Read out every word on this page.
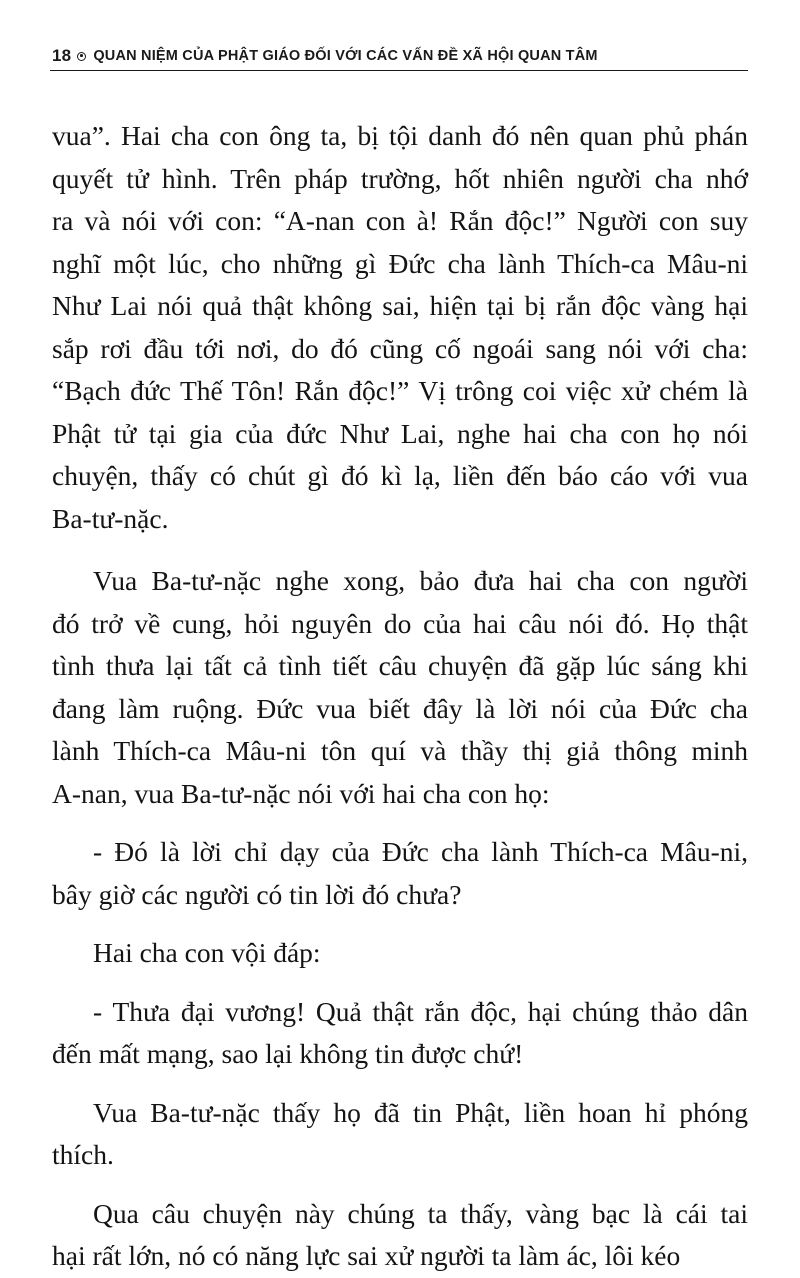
18 QUAN NIỆM CỦA PHẬT GIÁO ĐỐI VỚI CÁC VẤN ĐỀ XÃ HỘI QUAN TÂM
vua”. Hai cha con ông ta, bị tội danh đó nên quan phủ phán
quyết tử hình. Trên pháp trường, hốt nhiên người cha nhớ
ra và nói với con: “A-nan con à! Rắn độc!” Người con suy
nghĩ một lúc, cho những gì Đức cha lành Thích-ca Mâu-ni
Như Lai nói quả thật không sai, hiện tại bị rắn độc vàng hại
sắp rơi đầu tới nơi, do đó cũng cố ngoái sang nói với cha:
“Bạch đức Thế Tôn! Rắn độc!” Vị trông coi việc xử chém là
Phật tử tại gia của đức Như Lai, nghe hai cha con họ nói
chuyện, thấy có chút gì đó kì lạ, liền đến báo cáo với vua
Ba-tư-nặc.
Vua Ba-tư-nặc nghe xong, bảo đưa hai cha con người
đó trở về cung, hỏi nguyên do của hai câu nói đó. Họ thật
tình thưa lại tất cả tình tiết câu chuyện đã gặp lúc sáng khi
đang làm ruộng. Đức vua biết đây là lời nói của Đức cha
lành Thích-ca Mâu-ni tôn quí và thầy thị giả thông minh
A-nan, vua Ba-tư-nặc nói với hai cha con họ:
- Đó là lời chỉ dạy của Đức cha lành Thích-ca Mâu-ni,
bây giờ các người có tin lời đó chưa?
Hai cha con vội đáp:
- Thưa đại vương! Quả thật rắn độc, hại chúng thảo dân
đến mất mạng, sao lại không tin được chứ!
Vua Ba-tư-nặc thấy họ đã tin Phật, liền hoan hỉ phóng
thích.
Qua câu chuyện này chúng ta thấy, vàng bạc là cái tai
hại rất lớn, nó có năng lực sai xử người ta làm ác, lôi kéo
